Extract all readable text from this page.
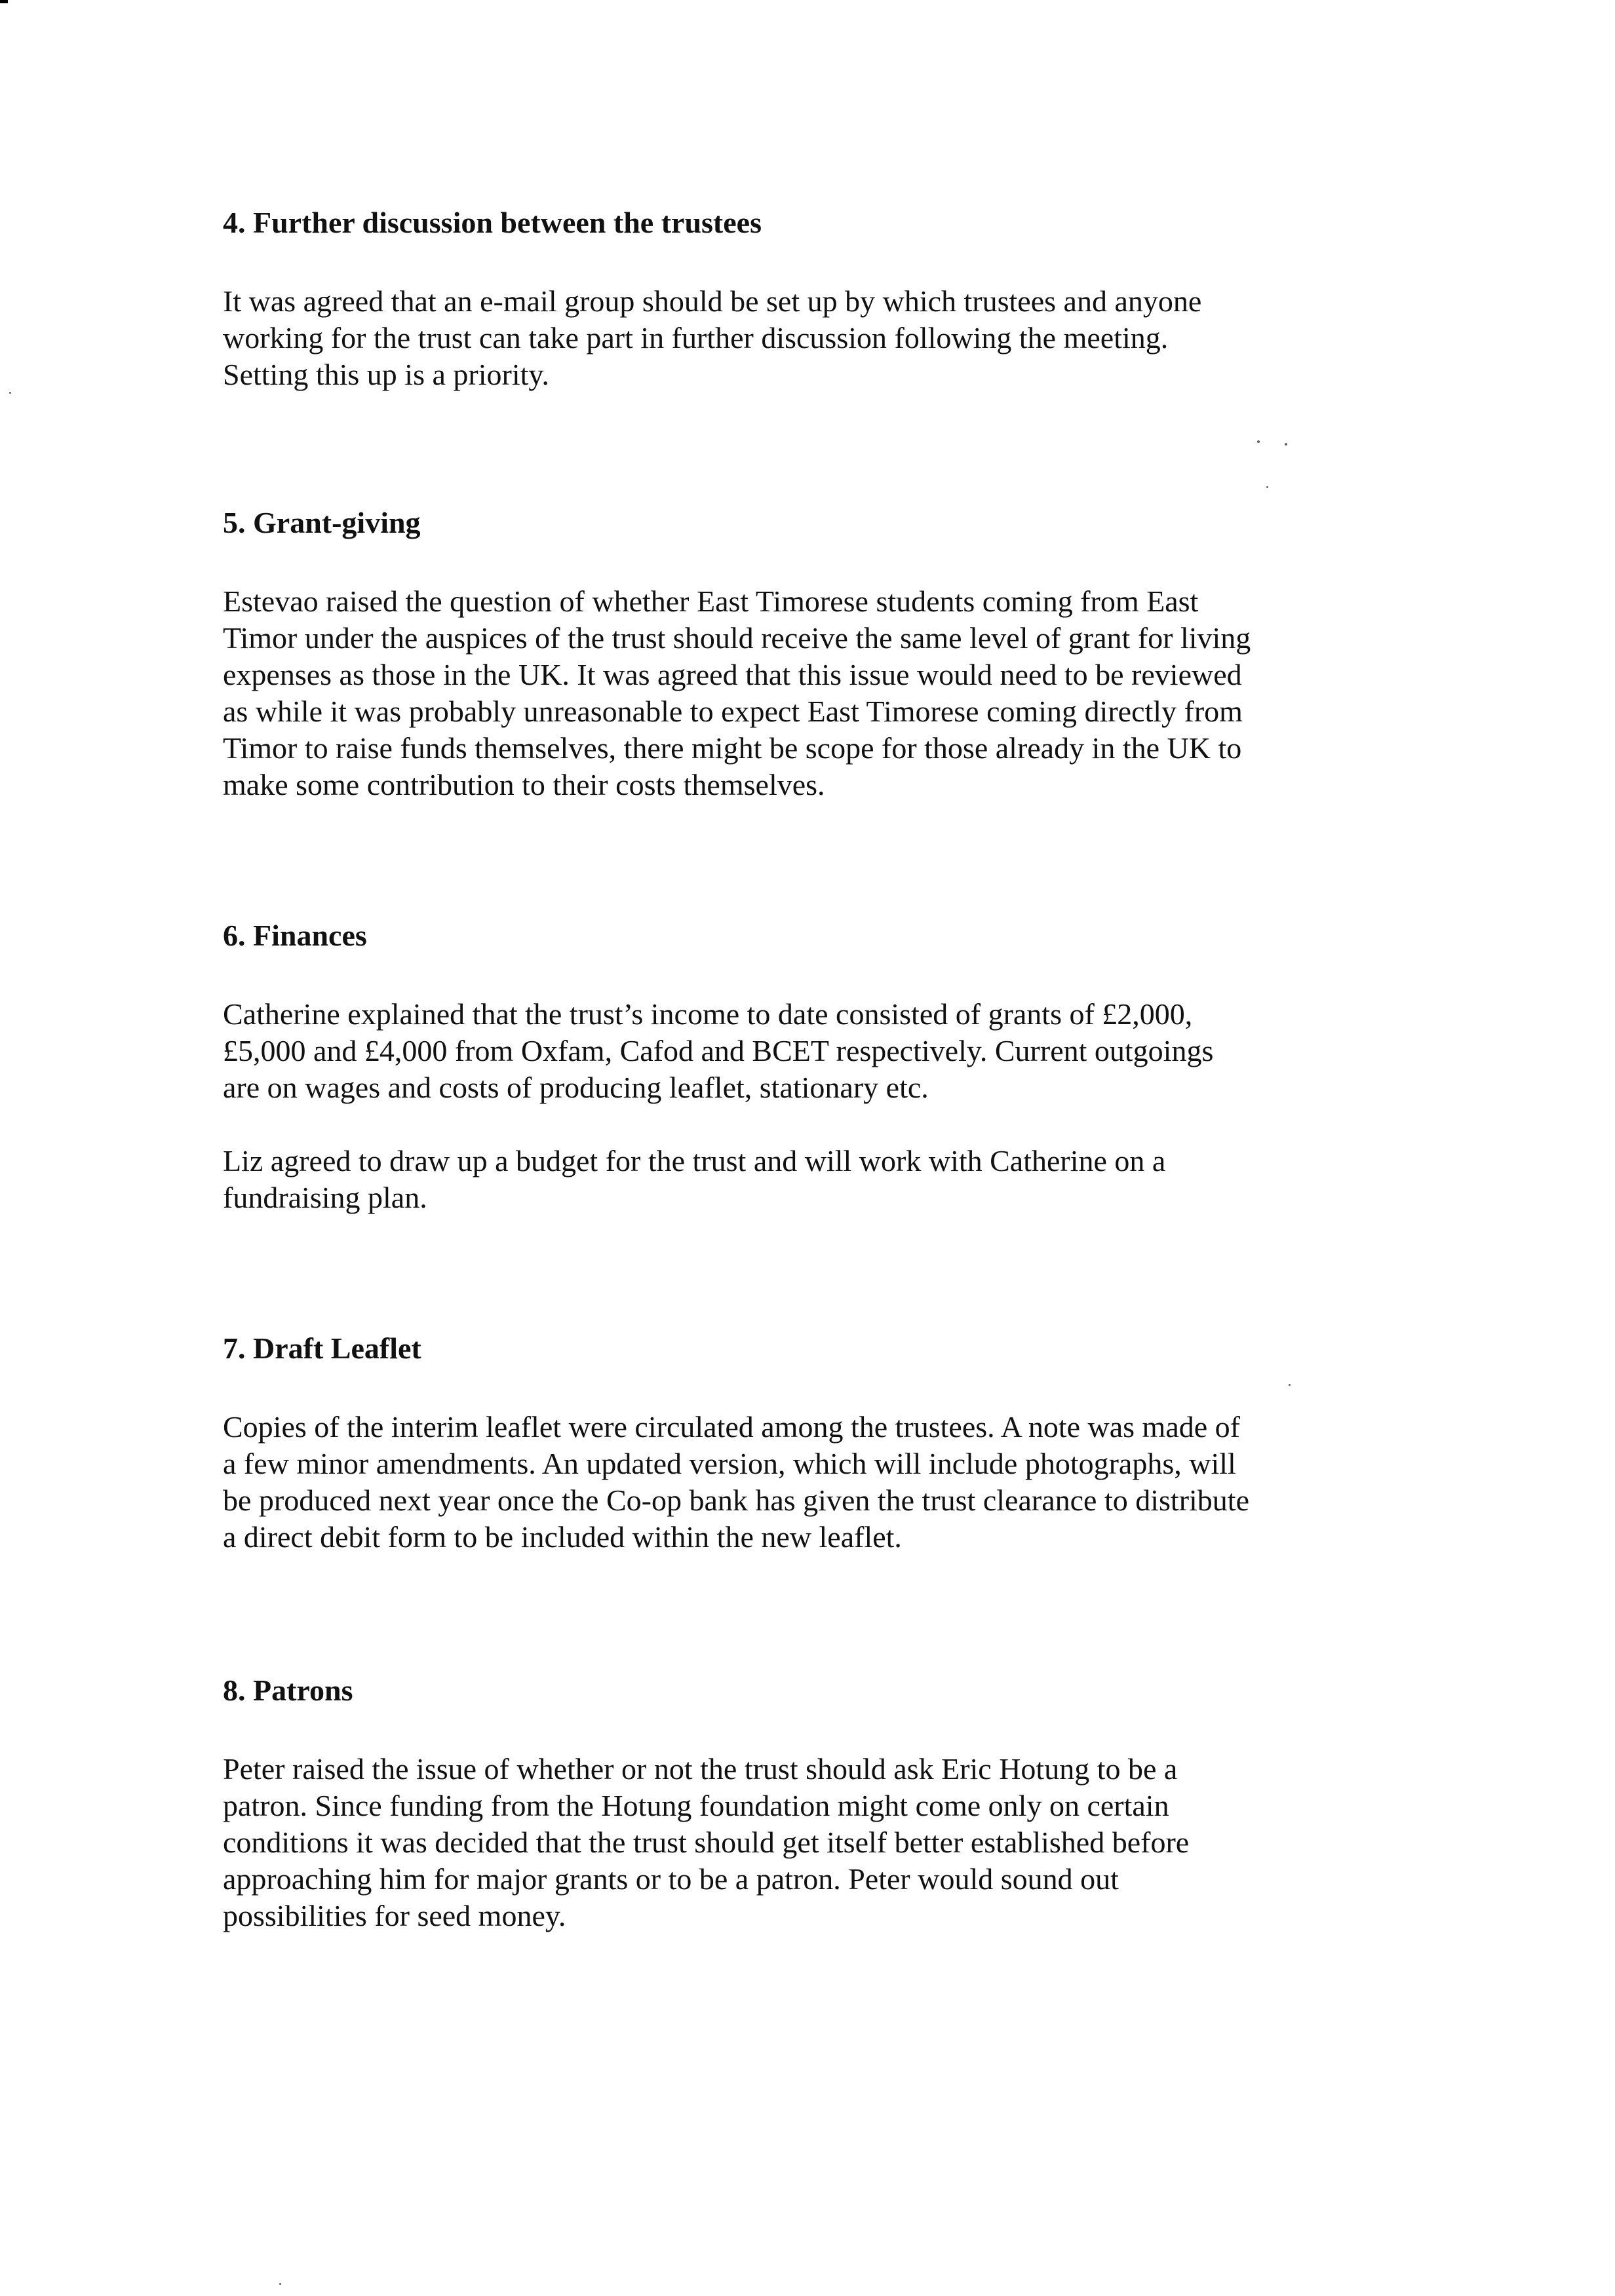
4. Further discussion between the trustees

It was agreed that an e-mail group should be set up by which trustees and anyone
working for the trust can take part in further discussion following the meeting.
Setting this up is a priority.

5. Grant-giving

Estevao raised the question of whether East Timorese students coming from East
Timor under the auspices of the trust should receive the same level of grant for living
expenses as those in the UK. It was agreed that this issue would need to be reviewed
as while it was probably unreasonable to expect East Timorese coming directly from
Timor to raise funds themselves, there might be scope for those already in the UK to
make some contribution to their costs themselves.

6. Finances

Catherine explained that the trust’s income to date consisted of grants of £2,000,
£5,000 and £4,000 from Oxfam, Cafod and BCET respectively. Current outgoings
are on wages and costs of producing leaflet, stationary etc.

Liz agreed to draw up a budget for the trust and will work with Catherine on a
fundraising plan.

7. Draft Leaflet

Copies of the interim leaflet were circulated among the trustees. A note was made of
a few minor amendments. An updated version, which will include photographs, will
be produced next year once the Co-op bank has given the trust clearance to distribute
a direct debit form to be included within the new leaflet.

8. Patrons

Peter raised the issue of whether or not the trust should ask Eric Hotung to be a
patron. Since funding from the Hotung foundation might come only on certain
conditions it was decided that the trust should get itself better established before
approaching him for major grants or to be a patron. Peter would sound out
possibilities for seed money.
